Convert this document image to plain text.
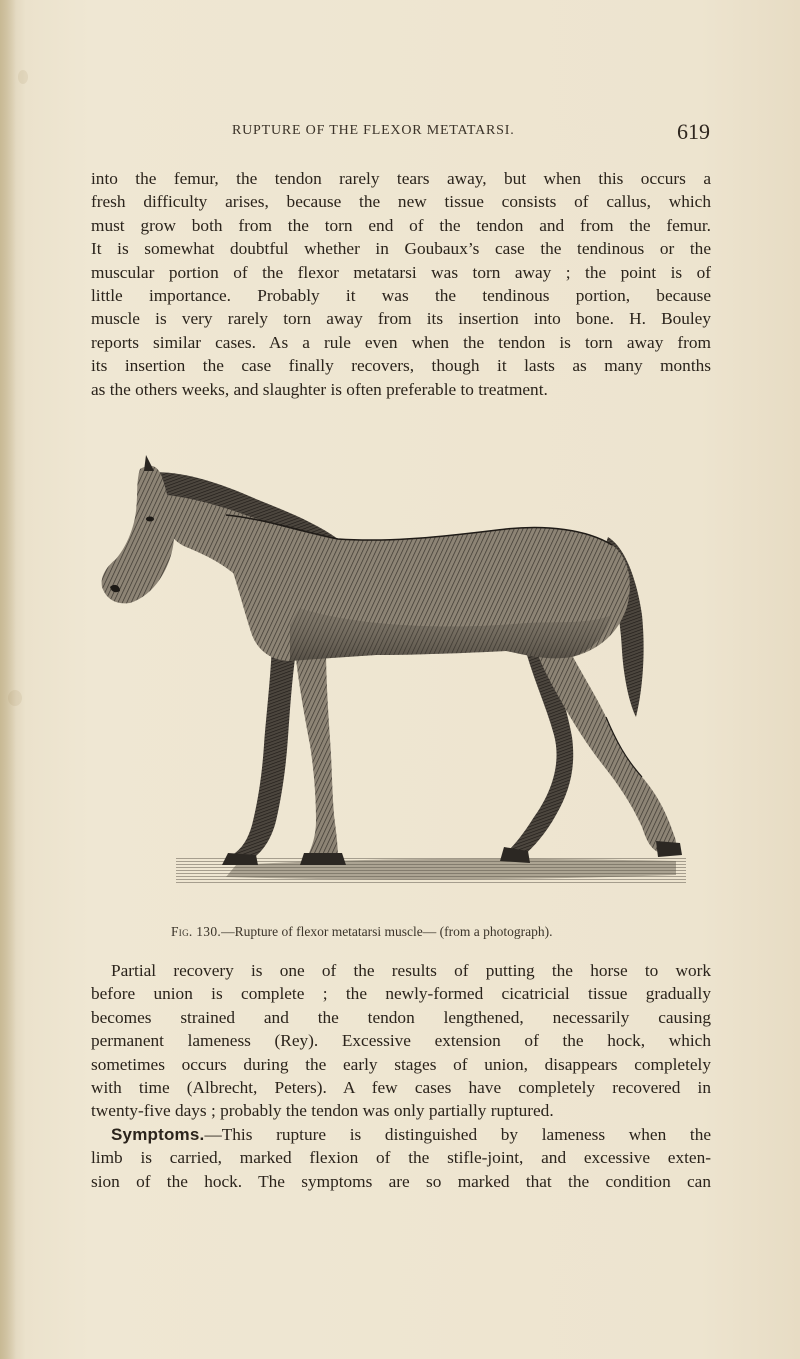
RUPTURE OF THE FLEXOR METATARSI.	619
into the femur, the tendon rarely tears away, but when this occurs a
fresh difficulty arises, because the new tissue consists of callus, which
must grow both from the torn end of the tendon and from the femur.
It is somewhat doubtful whether in Goubaux’s case the tendinous or the
muscular portion of the flexor metatarsi was torn away ; the point is of
little importance. Probably it was the tendinous portion, because
muscle is very rarely torn away from its insertion into bone. H. Bouley
reports similar cases. As a rule even when the tendon is torn away from
its insertion the case finally recovers, though it lasts as many months
as the others weeks, and slaughter is often preferable to treatment.
Fig. 130.—Rupture of flexor metatarsi muscle— (from a photograph).
Partial recovery is one of the results of putting the horse to work
before union is complete ; the newly-formed cicatricial tissue gradually
becomes strained and the tendon lengthened, necessarily causing
permanent lameness (Rey). Excessive extension of the hock, which
sometimes occurs during the early stages of union, disappears completely
with time (Albrecht, Peters). A few cases have completely recovered in
twenty-five days ; probably the tendon was only partially ruptured.
Symptoms.—This rupture is distinguished by lameness when the
limb is carried, marked flexion of the stifle-joint, and excessive exten-
sion of the hock. The symptoms are so marked that the condition can
